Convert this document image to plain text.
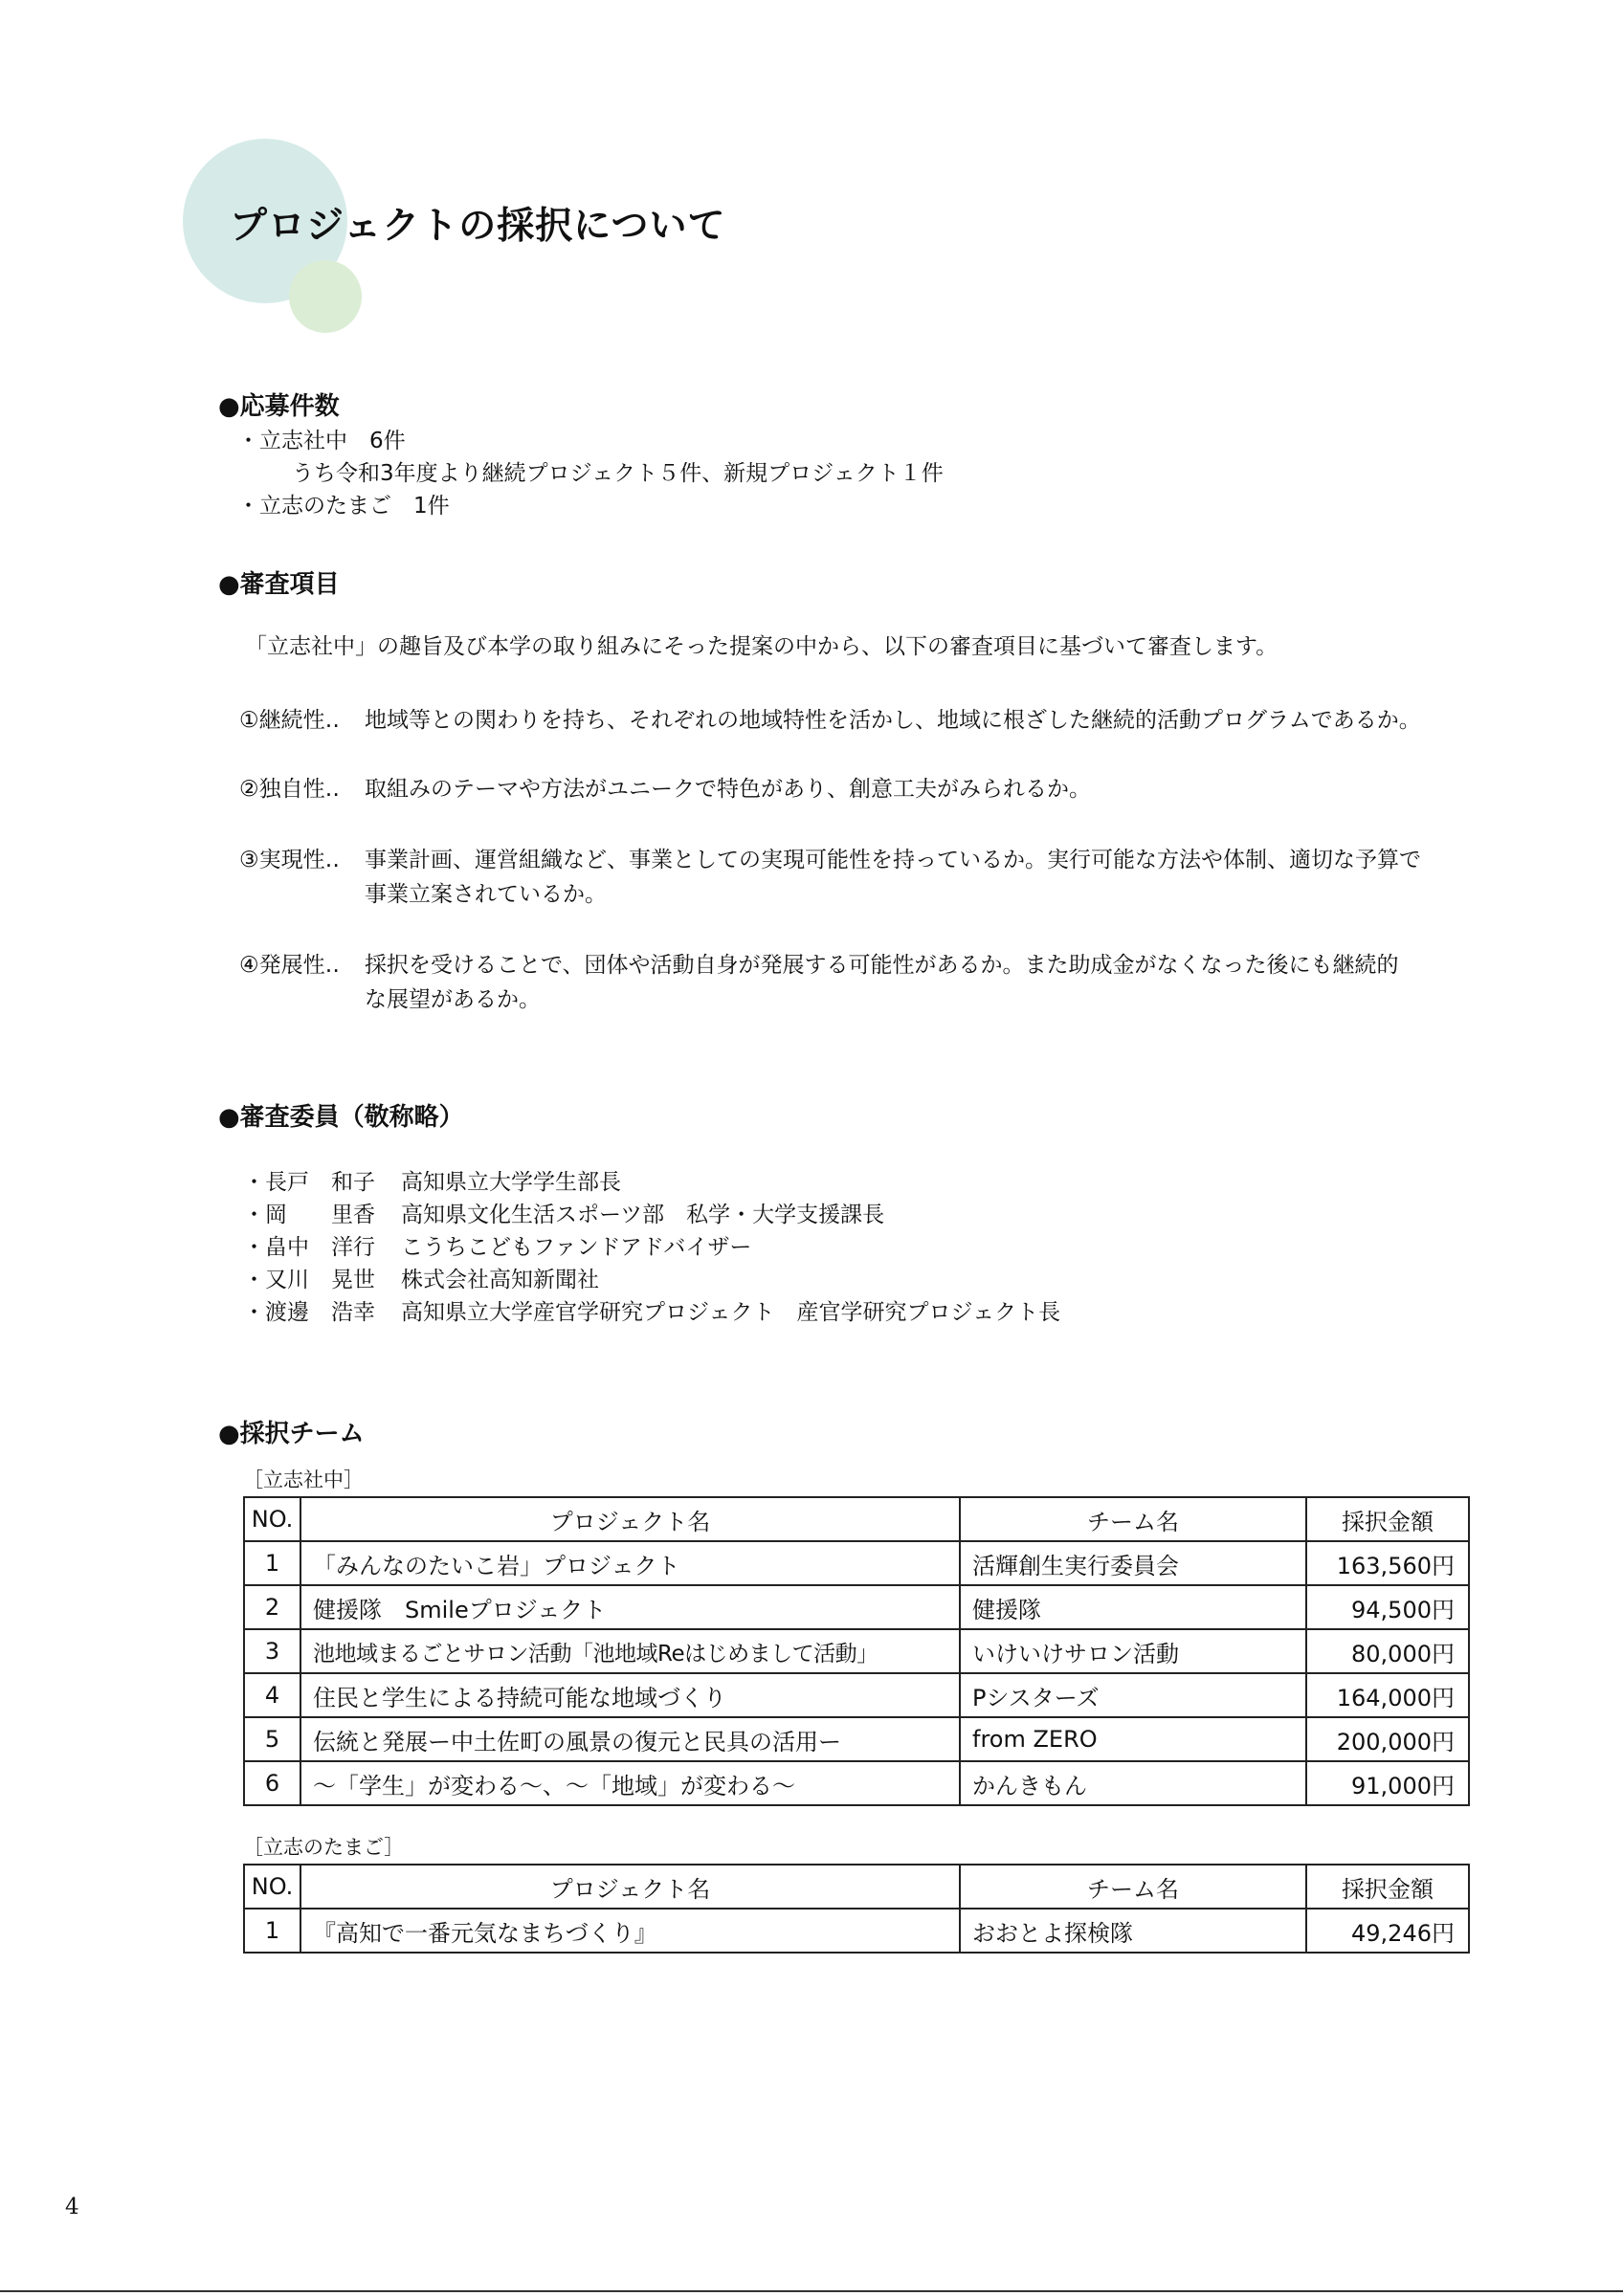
プロジェクトの採択について
●応募件数
・立志社中　6件
うち令和3年度より継続プロジェクト５件、新規プロジェクト１件
・立志のたまご　1件
●審査項目
「立志社中」の趣旨及び本学の取り組みにそった提案の中から、以下の審査項目に基づいて審査します。
①継続性‥ 地域等との関わりを持ち、それぞれの地域特性を活かし、地域に根ざした継続的活動プログラムであるか。
②独自性‥ 取組みのテーマや方法がユニークで特色があり、創意工夫がみられるか。
③実現性‥ 事業計画、運営組織など、事業としての実現可能性を持っているか。実行可能な方法や体制、適切な予算で
事業立案されているか。
④発展性‥ 採択を受けることで、団体や活動自身が発展する可能性があるか。また助成金がなくなった後にも継続的
な展望があるか。
●審査委員（敬称略）
・長戸　和子 高知県立大学学生部長
・岡　　里香 高知県文化生活スポーツ部　私学・大学支援課長
・畠中　洋行 こうちこどもファンドアドバイザー
・又川　晃世 株式会社高知新聞社
・渡邊　浩幸 高知県立大学産官学研究プロジェクト　産官学研究プロジェクト長
●採択チーム
［立志社中］
NO.	プロジェクト名	チーム名	採択金額
1	「みんなのたいこ岩」プロジェクト	活輝創生実行委員会	163,560円
2	健援隊　Smileプロジェクト	健援隊	94,500円
3	池地域まるごとサロン活動「池地域Reはじめまして活動」	いけいけサロン活動	80,000円
4	住民と学生による持続可能な地域づくり	Pシスターズ	164,000円
5	伝統と発展ー中土佐町の風景の復元と民具の活用ー	from ZERO	200,000円
6	〜「学生」が変わる〜、〜「地域」が変わる〜	かんきもん	91,000円
［立志のたまご］
NO.	プロジェクト名	チーム名	採択金額
1	『高知で一番元気なまちづくり』	おおとよ探検隊	49,246円
4
